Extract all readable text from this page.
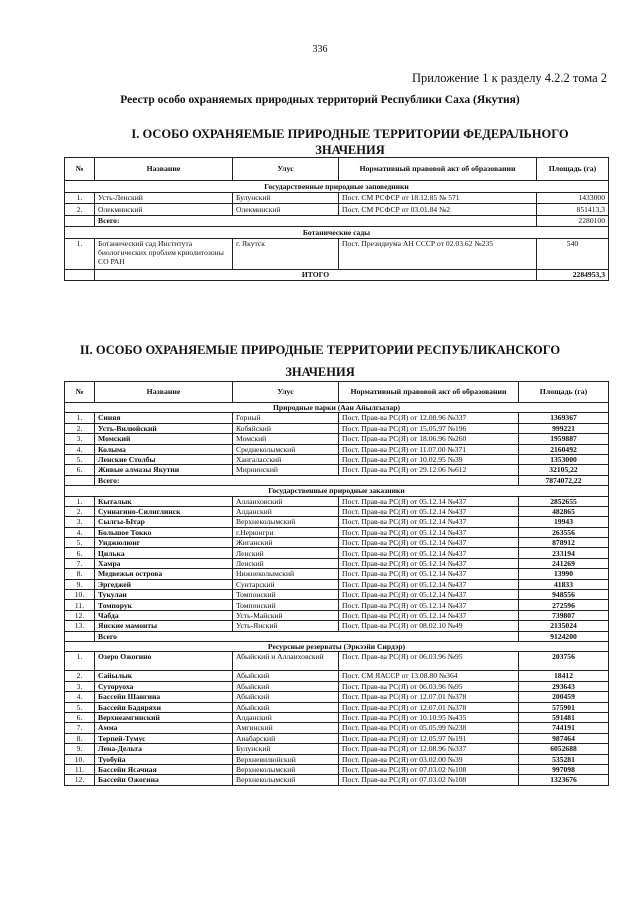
336
Приложение 1 к разделу 4.2.2 тома 2
Реестр особо охраняемых природных территорий Республики Саха (Якутия)
I. ОСОБО ОХРАНЯЕМЫЕ ПРИРОДНЫЕ ТЕРРИТОРИИ ФЕДЕРАЛЬНОГО
ЗНАЧЕНИЯ
№	Название	Улус	Нормативный правовой акт об образовании	Площадь (га)
Государственные природные заповедники				
1.	Усть-Ленский	Булунский	Пост. СМ РСФСР от 18.12.85 № 571	1433000
2.	Олекминский	Олекминский	Пост. СМ РСФСР от 03.01.84 №2	851413,3
	Всего:			2280100
Ботанические сады				
1.	Ботанический сад Института биологических проблем криолитозоны СО РАН	г. Якутск	Пост. Президиума АН СССР от 02.03.62 №235	540
	ИТОГО			2284953,3
II. ОСОБО ОХРАНЯЕМЫЕ ПРИРОДНЫЕ ТЕРРИТОРИИ РЕСПУБЛИКАНСКОГО
ЗНАЧЕНИЯ
№	Название	Улус	Нормативный правовой акт об образовании	Площадь (га)
Природные парки (Аан Айылгылар)				
1.	Синяя	Горный	Пост. Прав-ва РС(Я) от 12.08.96 №337	1369367
2.	Усть-Вилюйский	Кобяйский	Пост. Прав-ва РС(Я) от 15.05.97 №196	999221
3.	Момский	Момский	Пост. Прав-ва РС(Я) от 18.06.96 №260	1959887
4.	Колыма	Среднеколымский	Пост. Прав-ва РС(Я) от 11.07.00 №371	2160492
5.	Ленские Столбы	Хангаласский	Пост. Прав-ва РС(Я) от 10.02.95 №39	1353000
6.	Живые алмазы Якутии	Мирнинский	Пост. Прав-ва РС(Я) от 29.12.06 №612	32105,22
	Всего:			7874072,22
Государственные природные заказники				
1.	Кыталык	Аллаиховский	Пост. Прав-ва РС(Я) от 05.12.14 №437	2852655
2.	Суннагино-Силиглинск	Алданский	Пост. Прав-ва РС(Я) от 05.12.14 №437	482865
3.	Сылгы-Ытар	Верхнеколымский	Пост. Прав-ва РС(Я) от 05.12.14 №437	19943
4.	Большое Токко	г.Нерюнгри	Пост. Прав-ва РС(Я) от 05.12.14 №437	263556
5.	Унджюлюнг	Жиганский	Пост. Прав-ва РС(Я) от 05.12.14 №437	878912
6.	Цилька	Ленский	Пост. Прав-ва РС(Я) от 05.12.14 №437	233194
7.	Хамра	Ленский	Пост. Прав-ва РС(Я) от 05.12.14 №437	241269
8.	Медвежьи острова	Нижнеколымский	Пост. Прав-ва РС(Я) от 05.12.14 №437	13990
9.	Эргеджей	Сунтарский	Пост. Прав-ва РС(Я) от 05.12.14 №437	41833
10.	Тукулан	Томпонский	Пост. Прав-ва РС(Я) от 05.12.14 №437	948556
11.	Томпорук	Томпонский	Пост. Прав-ва РС(Я) от 05.12.14 №437	272596
12.	Чабда	Усть-Майский	Пост. Прав-ва РС(Я) от 05.12.14 №437	739807
13.	Янские мамонты	Усть-Янский	Пост. Прав-ва РС(Я) от 08.02.10 №49	2135024
	Всего			9124200
Ресурсные резерваты (Эркээйи Сирдэр)				
1.	Озеро Ожогино	Абыйский и Аллаиховский	Пост. Прав-ва РС(Я) от 06.03.96 №95	203756
2.	Сайылык	Абыйский	Пост. СМ ЯАССР от 13.08.80 №364	18412
3.	Суторуоха	Абыйский	Пост. Прав-ва РС(Я) от 06.03.96 №95	293643
4.	Бассейн Шангина	Абыйский	Пост. Прав-ва РС(Я) от 12.07.01 №378	200459
5.	Бассейн Бадяряхи	Абыйский	Пост. Прав-ва РС(Я) от 12.07.01 №378	575901
6.	Верхнеамгинский	Алданский	Пост. Прав-ва РС(Я) от 10.10.95 №435	591481
7.	Амма	Амгинский	Пост. Прав-ва РС(Я) от 05.05.99 №238	744191
8.	Терпей-Тумус	Анабарский	Пост. Прав-ва РС(Я) от 12.05.97 №191	987464
9.	Лена-Дельта	Булунский	Пост. Прав-ва РС(Я) от 12.08.96 №337	6052688
10.	Туобуйа	Верхневилюйский	Пост. Прав-ва РС(Я) от 03.02.00 №39	535281
11.	Бассейн Ясачная	Верхнеколымский	Пост. Прав-ва РС(Я) от 07.03.02 №108	997098
12.	Бассейн Ожогина	Верхнеколымский	Пост. Прав-ва РС(Я) от 07.03.02 №108	1323676
